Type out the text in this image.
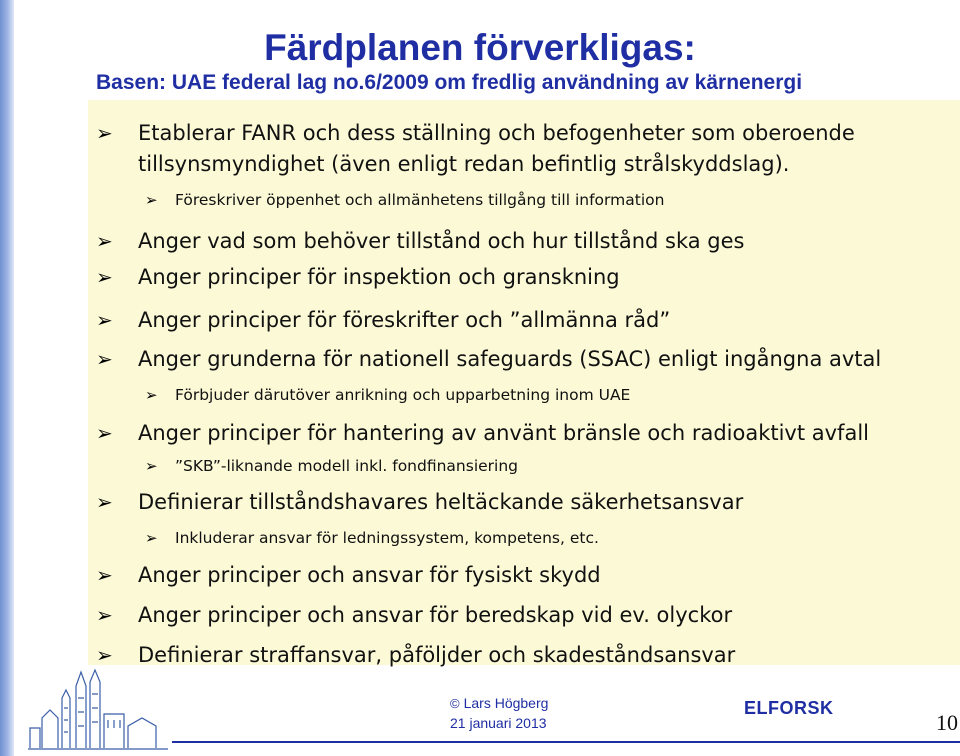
Färdplanen förverkligas:
Basen: UAE federal lag no.6/2009 om fredlig användning av kärnenergi
➢ Etablerar FANR och dess ställning och befogenheter som oberoende
tillsynsmyndighet (även enligt redan befintlig strålskyddslag).
➢ Föreskriver öppenhet och allmänhetens tillgång till information
➢ Anger vad som behöver tillstånd och hur tillstånd ska ges
➢ Anger principer för inspektion och granskning
➢ Anger principer för föreskrifter och ”allmänna råd”
➢ Anger grunderna för nationell safeguards (SSAC) enligt ingångna avtal
➢ Förbjuder därutöver anrikning och upparbetning inom UAE
➢ Anger principer för hantering av använt bränsle och radioaktivt avfall
➢ ”SKB”-liknande modell inkl. fondfinansiering
➢ Definierar tillståndshavares heltäckande säkerhetsansvar
➢ Inkluderar ansvar för ledningssystem, kompetens, etc.
➢ Anger principer och ansvar för fysiskt skydd
➢ Anger principer och ansvar för beredskap vid ev. olyckor
➢ Definierar straffansvar, påföljder och skadeståndsansvar
© Lars Högberg
21 januari 2013
ELFORSK
10
